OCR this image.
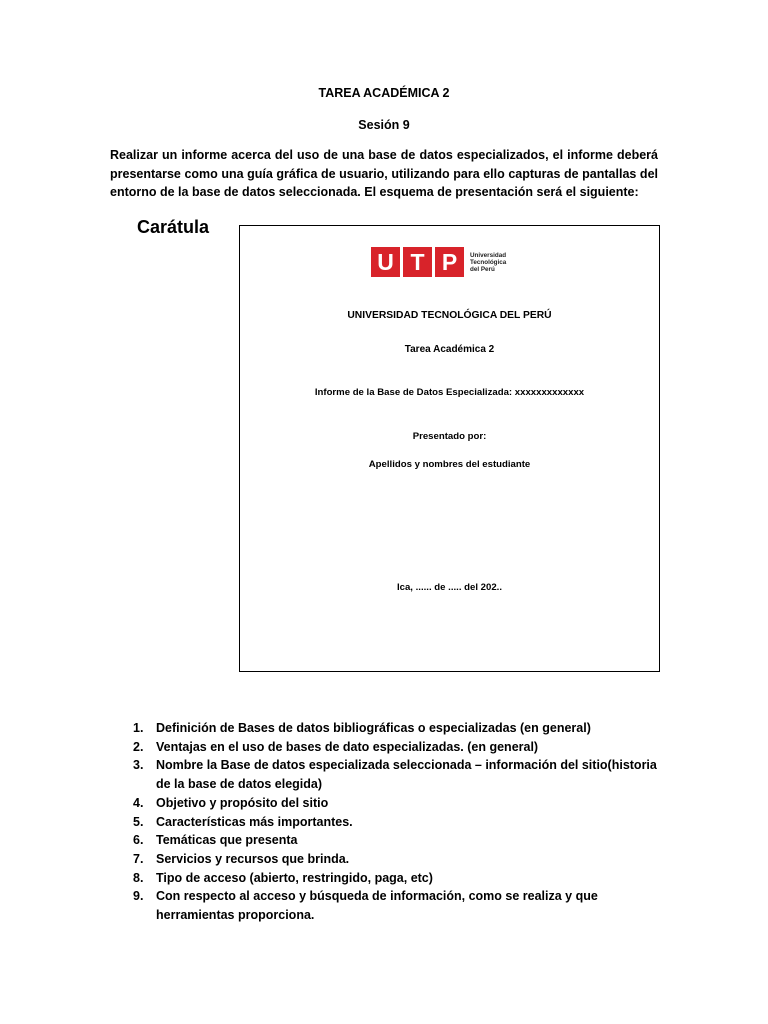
TAREA ACADÉMICA 2
Sesión 9
Realizar un informe acerca del uso de una base de datos especializados, el informe deberá presentarse como una guía gráfica de usuario, utilizando para ello capturas de pantallas del entorno de la base de datos seleccionada. El esquema de presentación será el siguiente:
Carátula
U T P	Universidad
Tecnológica
del Perú
UNIVERSIDAD TECNOLÓGICA DEL PERÚ
Tarea Académica 2
Informe de la Base de Datos Especializada: xxxxxxxxxxxxx
Presentado por:
Apellidos y nombres del estudiante
Ica, ...... de ..... del 202..
1. Definición de Bases de datos bibliográficas o especializadas (en general)
2. Ventajas en el uso de bases de dato especializadas. (en general)
3. Nombre la Base de datos especializada seleccionada – información del sitio(historia de la base de datos elegida)
4. Objetivo y propósito del sitio
5. Características más importantes.
6. Temáticas que presenta
7. Servicios y recursos que brinda.
8. Tipo de acceso (abierto, restringido, paga, etc)
9. Con respecto al acceso y búsqueda de información, como se realiza y que herramientas proporciona.
